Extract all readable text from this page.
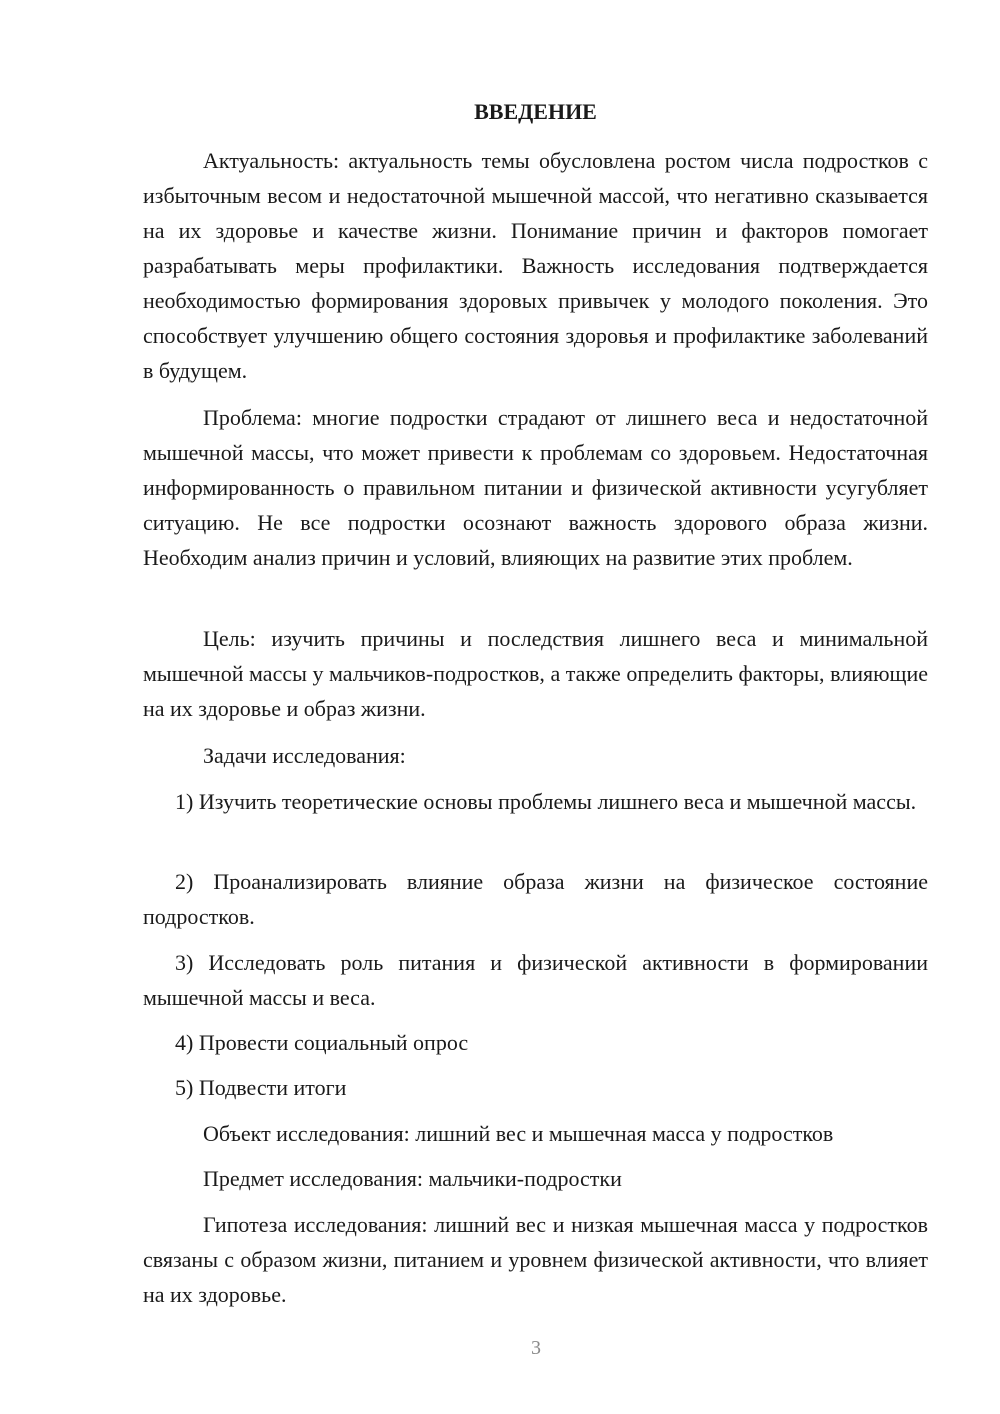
ВВЕДЕНИЕ

Актуальность: актуальность темы обусловлена ростом числа подростков с избыточным весом и недостаточной мышечной массой, что негативно сказывается на их здоровье и качестве жизни. Понимание причин и факторов помогает разрабатывать меры профилактики. Важность исследования подтверждается необходимостью формирования здоровых привычек у молодого поколения. Это способствует улучшению общего состояния здоровья и профилактике заболеваний в будущем.

Проблема: многие подростки страдают от лишнего веса и недостаточной мышечной массы, что может привести к проблемам со здоровьем. Недостаточная информированность о правильном питании и физической активности усугубляет ситуацию. Не все подростки осознают важность здорового образа жизни. Необходим анализ причин и условий, влияющих на развитие этих проблем.

Цель: изучить причины и последствия лишнего веса и минимальной мышечной массы у мальчиков-подростков, а также определить факторы, влияющие на их здоровье и образ жизни.

Задачи исследования:

1) Изучить теоретические основы проблемы лишнего веса и мышечной массы.

2) Проанализировать влияние образа жизни на физическое состояние подростков.

3) Исследовать роль питания и физической активности в формировании мышечной массы и веса.

4) Провести социальный опрос

5) Подвести итоги

Объект исследования: лишний вес и мышечная масса у подростков

Предмет исследования: мальчики-подростки

Гипотеза исследования: лишний вес и низкая мышечная масса у подростков связаны с образом жизни, питанием и уровнем физической активности, что влияет на их здоровье.

3
